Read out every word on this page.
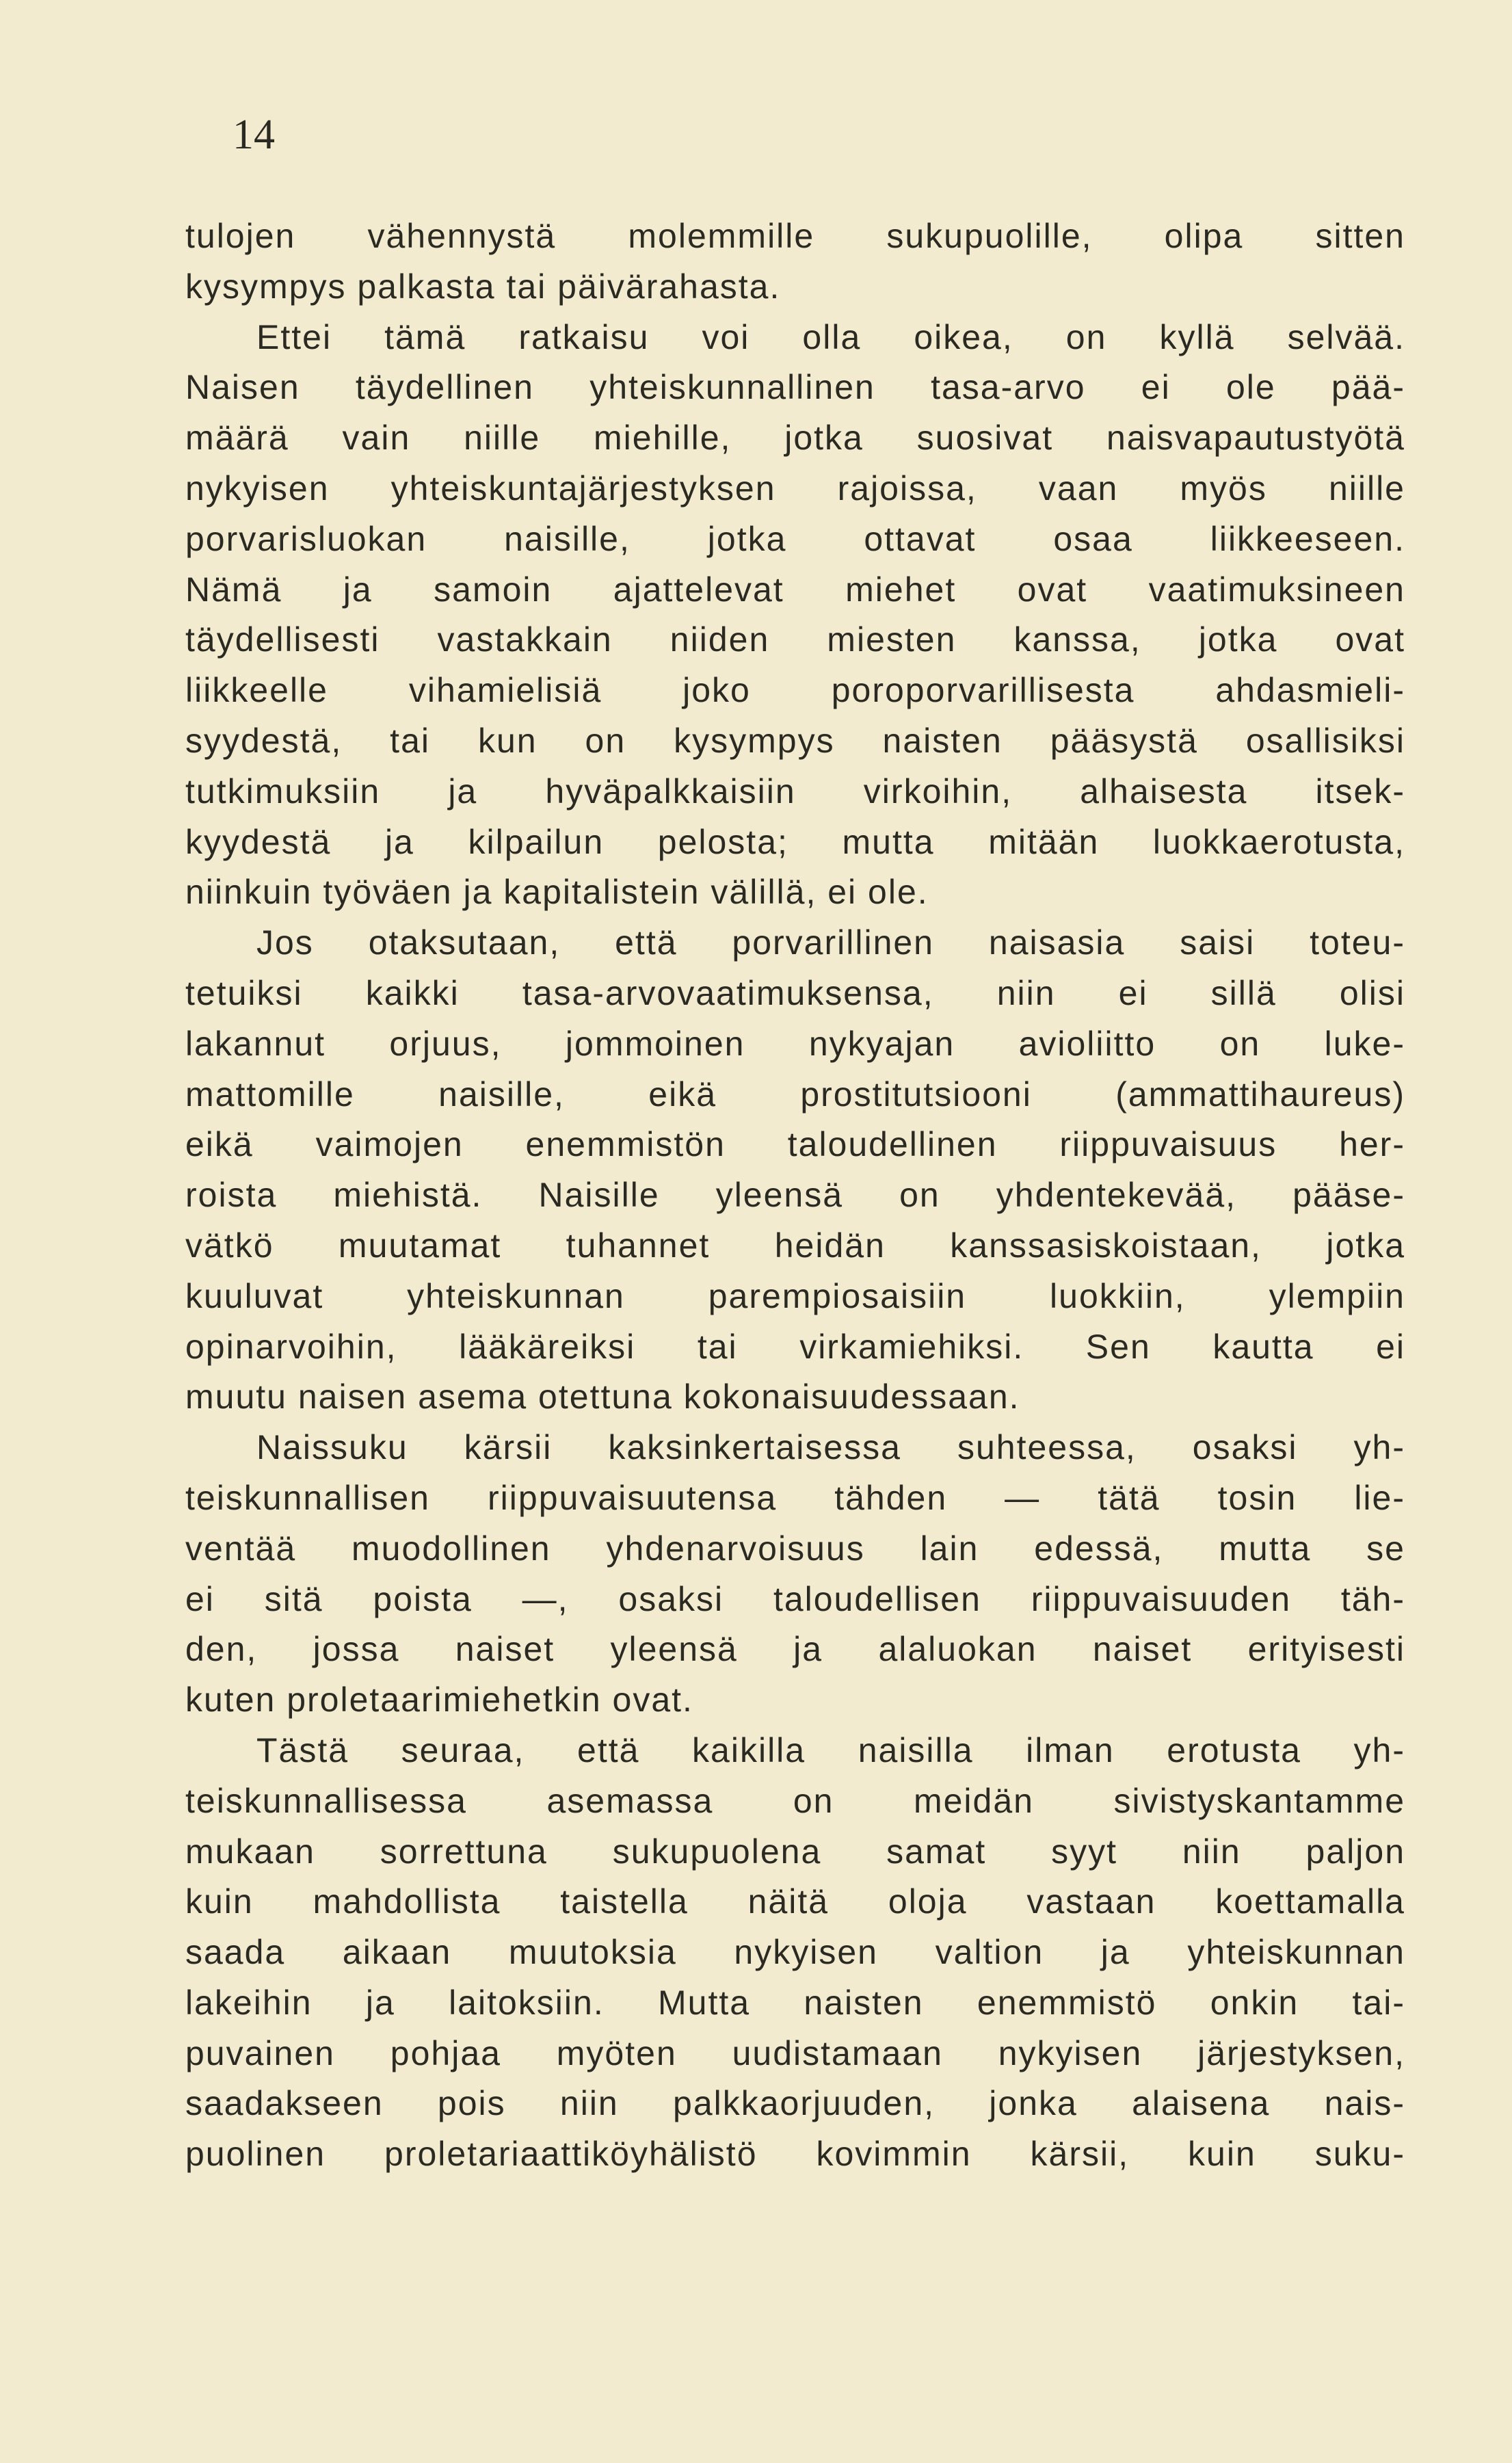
14
tulojen vähennystä molemmille sukupuolille, olipa sitten
kysympys palkasta tai päivärahasta.
Ettei tämä ratkaisu voi olla oikea, on kyllä selvää.
Naisen täydellinen yhteiskunnallinen tasa-arvo ei ole pää-
määrä vain niille miehille, jotka suosivat naisvapautustyötä
nykyisen yhteiskuntajärjestyksen rajoissa, vaan myös niille
porvarisluokan naisille, jotka ottavat osaa liikkeeseen.
Nämä ja samoin ajattelevat miehet ovat vaatimuksineen
täydellisesti vastakkain niiden miesten kanssa, jotka ovat
liikkeelle vihamielisiä joko poroporvarillisesta ahdasmieli-
syydestä, tai kun on kysympys naisten pääsystä osallisiksi
tutkimuksiin ja hyväpalkkaisiin virkoihin, alhaisesta itsek-
kyydestä ja kilpailun pelosta; mutta mitään luokkaerotusta,
niinkuin työväen ja kapitalistein välillä, ei ole.
Jos otaksutaan, että porvarillinen naisasia saisi toteu-
tetuiksi kaikki tasa-arvovaatimuksensa, niin ei sillä olisi
lakannut orjuus, jommoinen nykyajan avioliitto on luke-
mattomille naisille, eikä prostitutsiooni (ammattihaureus)
eikä vaimojen enemmistön taloudellinen riippuvaisuus her-
roista miehistä. Naisille yleensä on yhdentekevää, pääse-
vätkö muutamat tuhannet heidän kanssasiskoistaan, jotka
kuuluvat yhteiskunnan parempiosaisiin luokkiin, ylempiin
opinarvoihin, lääkäreiksi tai virkamiehiksi. Sen kautta ei
muutu naisen asema otettuna kokonaisuudessaan.
Naissuku kärsii kaksinkertaisessa suhteessa, osaksi yh-
teiskunnallisen riippuvaisuutensa tähden — tätä tosin lie-
ventää muodollinen yhdenarvoisuus lain edessä, mutta se
ei sitä poista —, osaksi taloudellisen riippuvaisuuden täh-
den, jossa naiset yleensä ja alaluokan naiset erityisesti
kuten proletaarimiehetkin ovat.
Tästä seuraa, että kaikilla naisilla ilman erotusta yh-
teiskunnallisessa asemassa on meidän sivistyskantamme
mukaan sorrettuna sukupuolena samat syyt niin paljon
kuin mahdollista taistella näitä oloja vastaan koettamalla
saada aikaan muutoksia nykyisen valtion ja yhteiskunnan
lakeihin ja laitoksiin. Mutta naisten enemmistö onkin tai-
puvainen pohjaa myöten uudistamaan nykyisen järjestyksen,
saadakseen pois niin palkkaorjuuden, jonka alaisena nais-
puolinen proletariaattiköyhälistö kovimmin kärsii, kuin suku-
